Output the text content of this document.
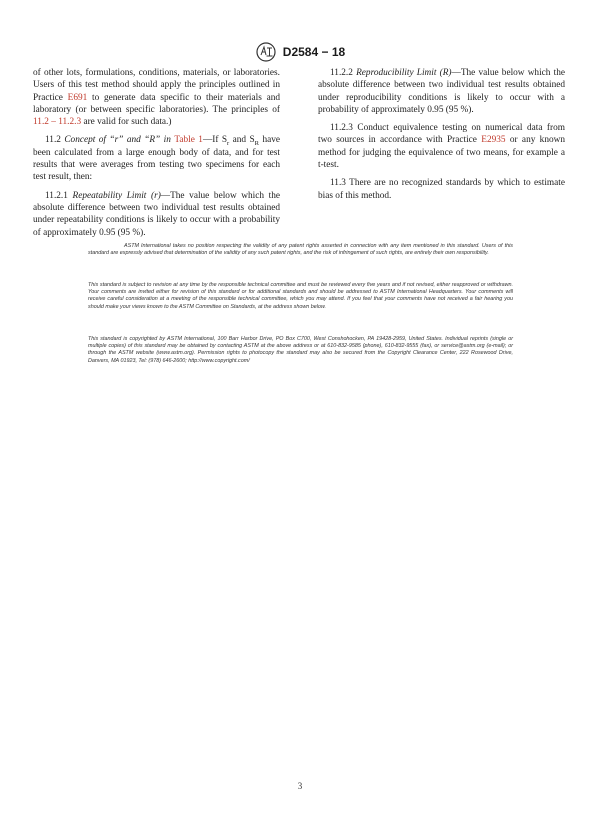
D2584 − 18

of other lots, formulations, conditions, materials, or laboratories. Users of this test method should apply the principles outlined in Practice E691 to generate data specific to their materials and laboratory (or between specific laboratories). The principles of 11.2 – 11.2.3 are valid for such data.)

11.2 Concept of “r” and “R” in Table 1—If $S_r$ and $S_R$ have been calculated from a large enough body of data, and for test results that were averages from testing two specimens for each test result, then:

11.2.1 Repeatability Limit (r)—The value below which the absolute difference between two individual test results obtained under repeatability conditions is likely to occur with a probability of approximately 0.95 (95 %).

11.2.2 Reproducibility Limit (R)—The value below which the absolute difference between two individual test results obtained under reproducibility conditions is likely to occur with a probability of approximately 0.95 (95 %).

11.2.3 Conduct equivalence testing on numerical data from two sources in accordance with Practice E2935 or any known method for judging the equivalence of two means, for example a t-test.

11.3 There are no recognized standards by which to estimate bias of this method.

ASTM International takes no position respecting the validity of any patent rights asserted in connection with any item mentioned in this standard. Users of this standard are expressly advised that determination of the validity of any such patent rights, and the risk of infringement of such rights, are entirely their own responsibility.
This standard is subject to revision at any time by the responsible technical committee and must be reviewed every five years and if not revised, either reapproved or withdrawn. Your comments are invited either for revision of this standard or for additional standards and should be addressed to ASTM International Headquarters. Your comments will receive careful consideration at a meeting of the responsible technical committee, which you may attend. If you feel that your comments have not received a fair hearing you should make your views known to the ASTM Committee on Standards, at the address shown below.
This standard is copyrighted by ASTM International, 100 Barr Harbor Drive, PO Box C700, West Conshohocken, PA 19428-2959, United States. Individual reprints (single or multiple copies) of this standard may be obtained by contacting ASTM at the above address or at 610-832-9585 (phone), 610-832-9555 (fax), or service@astm.org (e-mail); or through the ASTM website (www.astm.org). Permission rights to photocopy the standard may also be secured from the Copyright Clearance Center, 222 Rosewood Drive, Danvers, MA 01923, Tel: (978) 646-2600; http://www.copyright.com/
3
